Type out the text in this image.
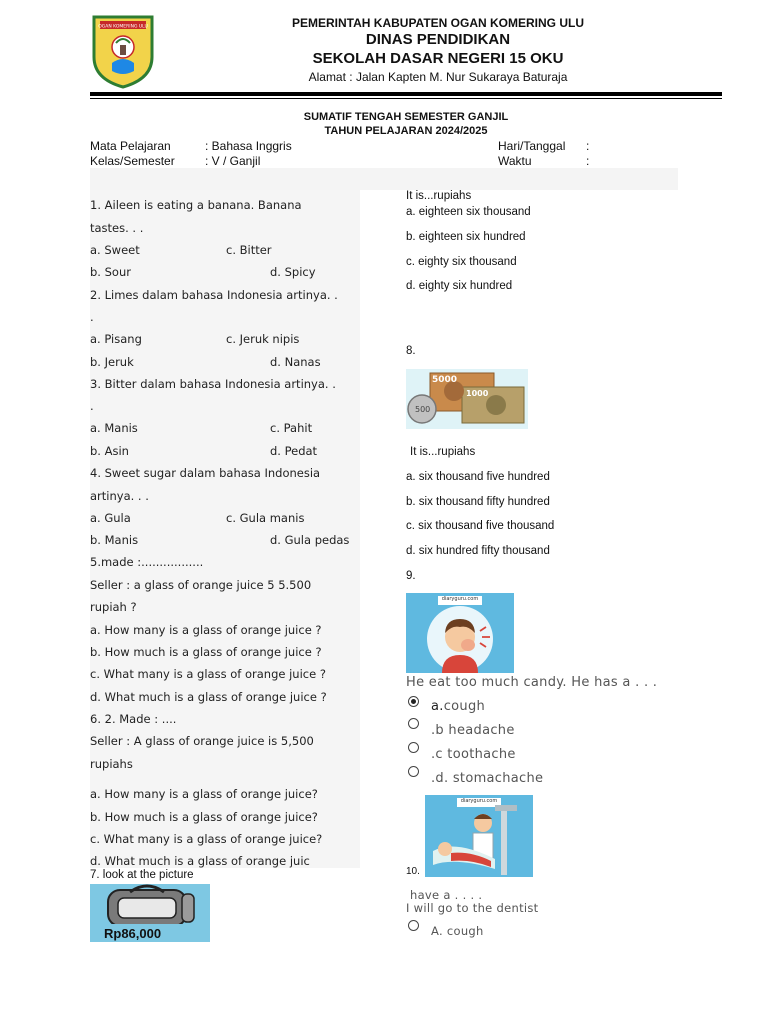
OGAN KOMERING ULU	PEMERINTAH KABUPATEN OGAN KOMERING ULU
DINAS PENDIDIKAN
SEKOLAH DASAR NEGERI 15 OKU
Alamat : Jalan Kapten M. Nur Sukaraya Baturaja
SUMATIF TENGAH SEMESTER GANJIL
TAHUN PELAJARAN 2024/2025
Mata Pelajaran	: Bahasa Inggris
Kelas/Semester	: V / Ganjil
Hari/Tanggal :
Waktu	:
1. Aileen is eating a banana. Banana
tastes. . .
a. Sweet	c. Bitter
b. Sour	d. Spicy
2. Limes dalam bahasa Indonesia artinya. .
.
a. Pisang	c. Jeruk nipis
b. Jeruk	d. Nanas
3. Bitter dalam bahasa Indonesia artinya. .
.
a. Manis	c. Pahit
b. Asin	d. Pedat
4. Sweet sugar dalam bahasa Indonesia
artinya. . .
a. Gula	c. Gula manis
b. Manis	d. Gula pedas
5.made :.................
Seller : a glass of orange juice 5 5.500
rupiah ?
a. How many is a glass of orange juice ?
b. How much is a glass of orange juice ?
c. What many is a glass of orange juice ?
d. What much is a glass of orange juice ?
6. 2. Made : ....
Seller : A glass of orange juice is 5,500
rupiahs
a. How many is a glass of orange juice?
b. How much is a glass of orange juice?
c. What many is a glass of orange juice?
d. What much is a glass of orange juic
7. look at the picture
Rp86,000
It is...rupiahs
a. eighteen six thousand
b. eighteen six hundred
c. eighty six thousand
d. eighty six hundred
8.
5000
1000
500
It is...rupiahs
a. six thousand five hundred
b. six thousand fifty hundred
c. six thousand five thousand
d. six hundred fifty thousand
9.
diaryguru.com
He eat too much candy. He has a . . .
a.cough
.b headache
.c toothache
.d. stomachache
diaryguru.com
10.
have a . . . .
I will go to the dentist
A. cough
